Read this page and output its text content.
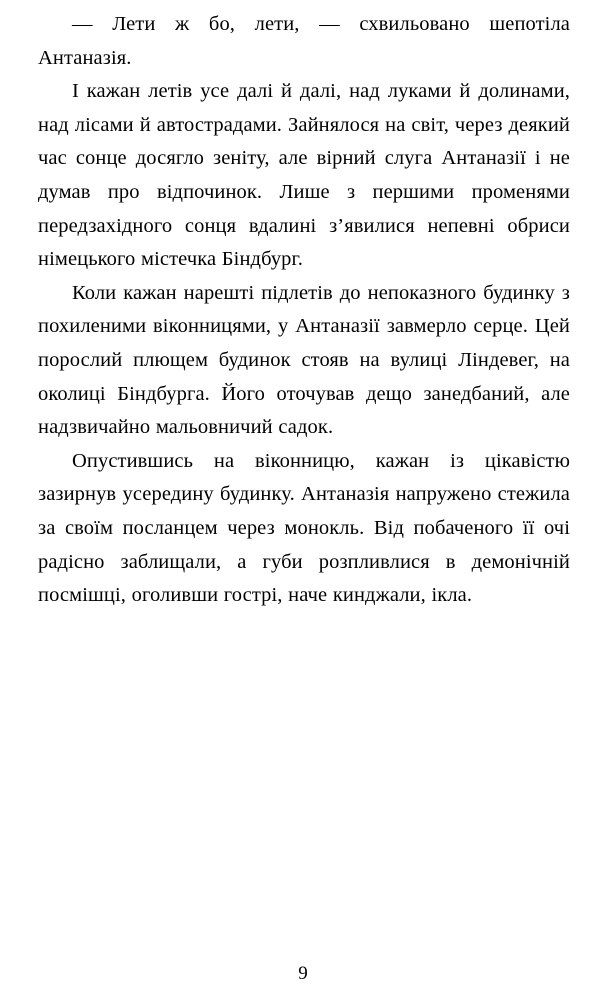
— Лети ж бо, лети, — схвильовано шепотіла Антаназія.

І кажан летів усе далі й далі, над луками й долинами, над лісами й автострадами. Зайнялося на світ, через деякий час сонце досягло зеніту, але вірний слуга Антаназії і не думав про відпочинок. Лише з першими променями передзахідного сонця вдалині з’явилися непевні обриси німецького містечка Біндбург.

Коли кажан нарешті підлетів до непоказного будинку з похиленими віконницями, у Антаназії завмерло серце. Цей порослий плющем будинок стояв на вулиці Ліндевег, на околиці Біндбурга. Його оточував дещо занедбаний, але надзвичайно мальовничий садок.

Опустившись на віконницю, кажан із цікавістю зазирнув усередину будинку. Антаназія напружено стежила за своїм посланцем через монокль. Від побаченого її очі радісно заблищали, а губи розпливлися в демонічній посмішці, оголивши гострі, наче кинджали, ікла.

9
